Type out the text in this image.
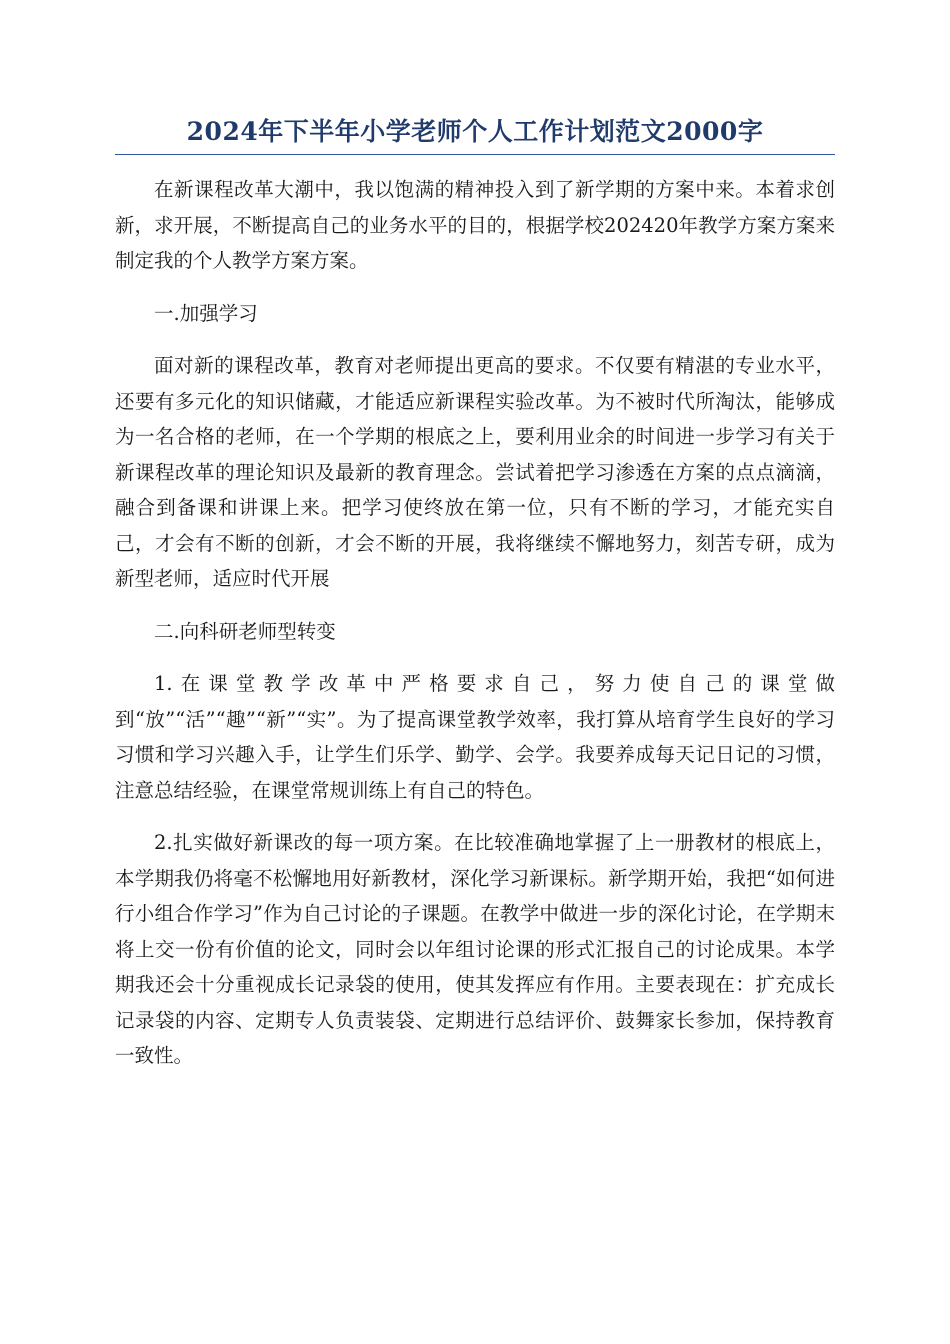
2024年下半年小学老师个人工作计划范文2000字

在新课程改革大潮中，我以饱满的精神投入到了新学期的方案中来。本着求创新，求开展，不断提高自己的业务水平的目的，根据学校202420年教学方案方案来制定我的个人教学方案方案。

一.加强学习

面对新的课程改革，教育对老师提出更高的要求。不仅要有精湛的专业水平，还要有多元化的知识储藏，才能适应新课程实验改革。为不被时代所淘汰，能够成为一名合格的老师，在一个学期的根底之上，要利用业余的时间进一步学习有关于新课程改革的理论知识及最新的教育理念。尝试着把学习渗透在方案的点点滴滴，融合到备课和讲课上来。把学习使终放在第一位，只有不断的学习，才能充实自己，才会有不断的创新，才会不断的开展，我将继续不懈地努力，刻苦专研，成为新型老师，适应时代开展

二.向科研老师型转变

1.在课堂教学改革中严格要求自己，努力使自己的课堂做到“放”“活”“趣”“新”“实”。为了提高课堂教学效率，我打算从培育学生良好的学习习惯和学习兴趣入手，让学生们乐学、勤学、会学。我要养成每天记日记的习惯，注意总结经验，在课堂常规训练上有自己的特色。

2.扎实做好新课改的每一项方案。在比较准确地掌握了上一册教材的根底上，本学期我仍将毫不松懈地用好新教材，深化学习新课标。新学期开始，我把“如何进行小组合作学习”作为自己讨论的子课题。在教学中做进一步的深化讨论，在学期末将上交一份有价值的论文，同时会以年组讨论课的形式汇报自己的讨论成果。本学期我还会十分重视成长记录袋的使用，使其发挥应有作用。主要表现在：扩充成长记录袋的内容、定期专人负责装袋、定期进行总结评价、鼓舞家长参加，保持教育一致性。
